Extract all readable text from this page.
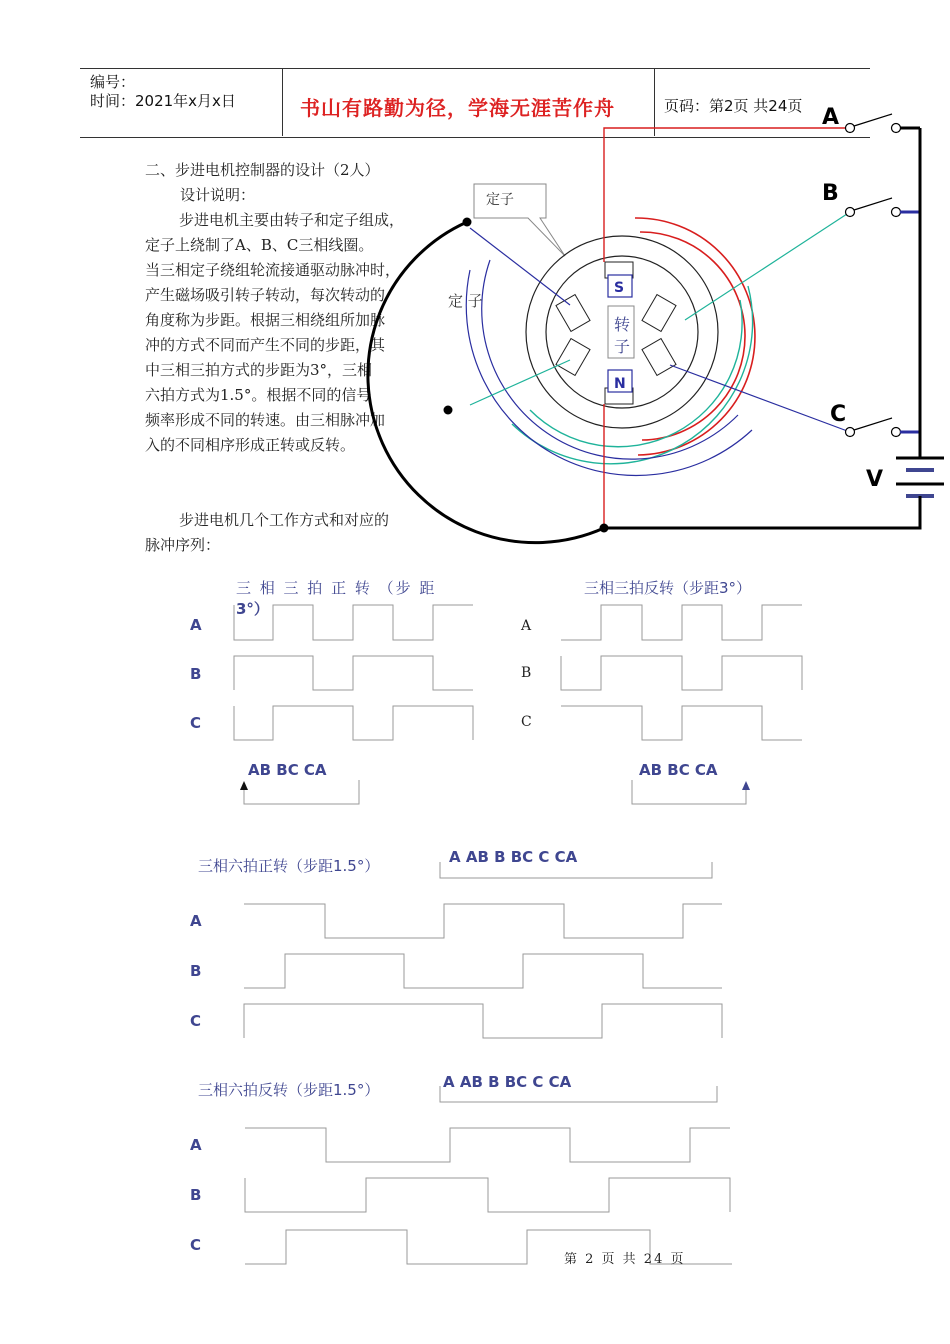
编号：
时间：2021年x月x日	书山有路勤为径，学海无涯苦作舟	页码：第2页 共24页
二、步进电机控制器的设计（2人）
设计说明：
步进电机主要由转子和定子组成，
定子上绕制了A、B、C三相线圈。
当三相定子绕组轮流接通驱动脉冲时，
产生磁场吸引转子转动，每次转动的
角度称为步距。根据三相绕组所加脉
冲的方式不同而产生不同的步距，其
中三相三拍方式的步距为3°，三相
六拍方式为1.5°。根据不同的信号
频率形成不同的转速。由三相脉冲加
入的不同相序形成正转或反转。
步进电机几个工作方式和对应的
脉冲序列：
定子
定 子
S
转
子
N
A
B
C
V
三 相 三 拍 正 转 （步 距
3°）
三相三拍反转（步距3°）
A
B
C
A
B
C
AB BC CA	AB BC CA
三相六拍正转（步距1.5°）	A AB B BC C CA
A
B
C
三相六拍反转（步距1.5°）	A AB B BC C CA
A
B
C
第 2 页 共 24 页
